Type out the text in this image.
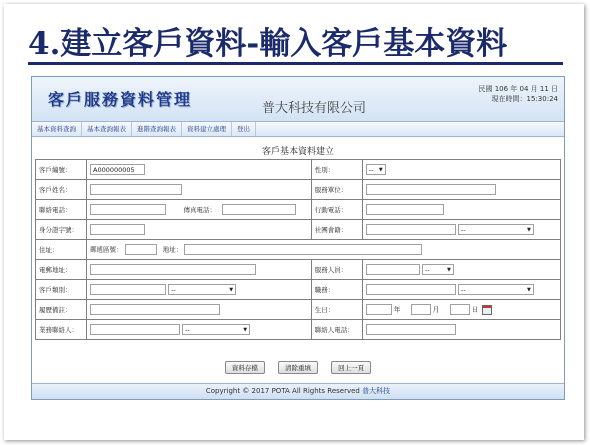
4.建立客戶資料-輸入客戶基本資料
客戶服務資料管理	普大科技有限公司
民國 106 年 04 月 11 日
現在時間：15:30:24
基本資料查詢	基本查詢報表	進階查詢報表	資料建立處理	登出
客戶基本資料建立
客戶編號：	A000000005			性別：	-- ▼

客戶姓名：				服務單位：	
聯絡電話：		傳真電話：		行動電話：	
身分證字號：				社團會籍：	-- ▼

住址：	郵遞區號： 地址：				
電郵地址：				服務人員：	-- ▼

客戶類別：	-- ▼			職務：	-- ▼

履歷備註：				生日：	年 月 日
業務聯絡人：	-- ▼			聯絡人電話：	
資料存檔	清除重填	回上一頁
Copyright © 2017 POTA All Rights Reserved 普大科技
